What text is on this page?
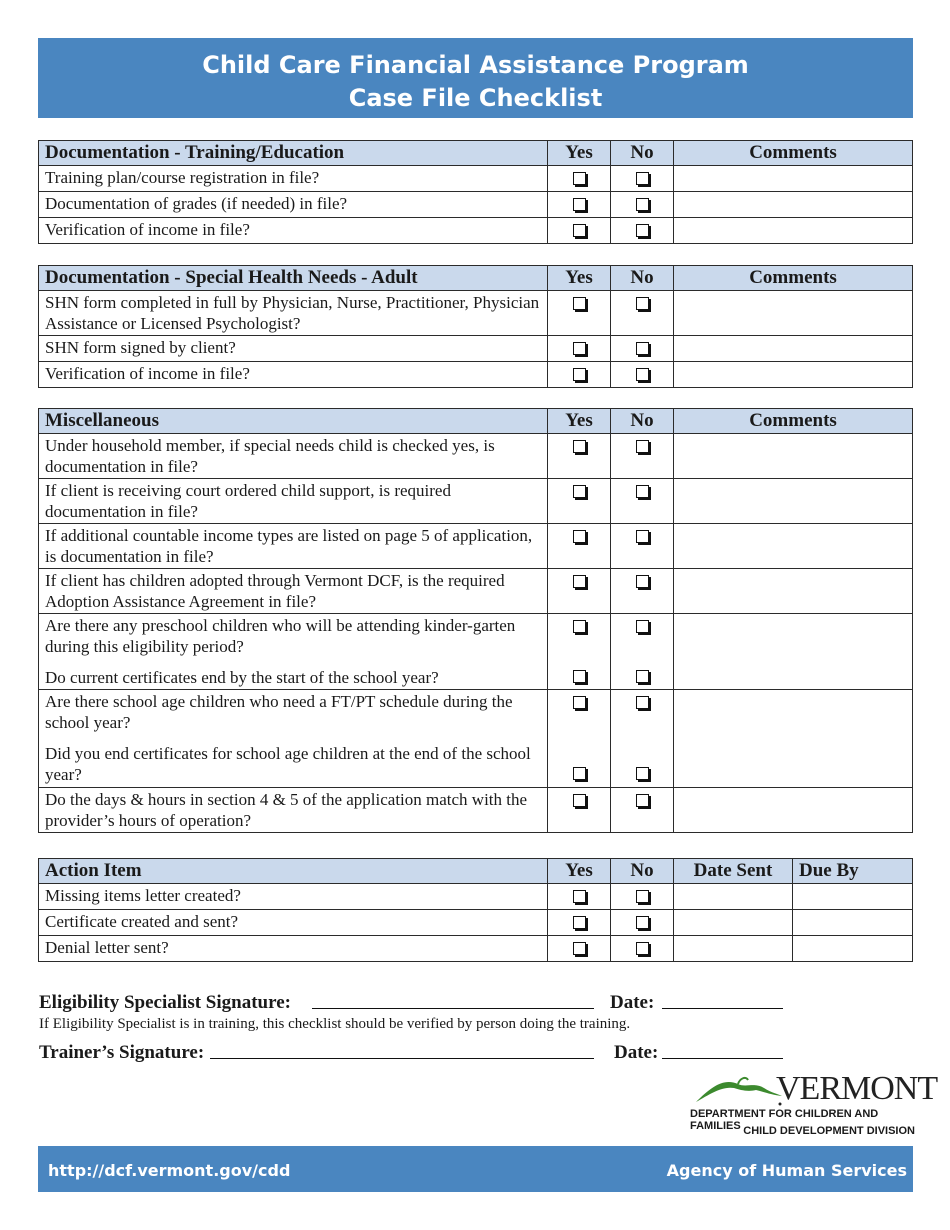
Child Care Financial Assistance Program
Case File Checklist
Documentation - Training/Education	Yes	No	Comments
Training plan/course registration in file?			
Documentation of grades (if needed) in file?			
Verification of income in file?			
Documentation - Special Health Needs - Adult	Yes	No	Comments
SHN form completed in full by Physician, Nurse, Practitioner, Physician Assistance or Licensed Psychologist?			
SHN form signed by client?			
Verification of income in file?			
Miscellaneous	Yes	No	Comments
Under household member, if special needs child is checked yes, is documentation in file?			
If client is receiving court ordered child support, is required documentation in file?			
If additional countable income types are listed on page 5 of application, is documentation in file?			
If client has children adopted through Vermont DCF, is the required Adoption Assistance Agreement in file?			

Are there any preschool children who will be attending kinder-garten during this eligibility period?
Do current certificates end by the start of the school year?			

Are there school age children who need a FT/PT schedule during the school year?
Did you end certificates for school age children at the end of the school year?			

Do the days & hours in section 4 & 5 of the application match with the provider’s hours of operation?			
Action Item	Yes	No	Date Sent	Due By
Missing items letter created?				
Certificate created and sent?				
Denial letter sent?				
Eligibility Specialist Signature:	Date:
If Eligibility Specialist is in training, this checklist should be verified by person doing the training.
Trainer’s Signature:	Date:
VERMONT
DEPARTMENT FOR CHILDREN AND FAMILIES CHILD DEVELOPMENT DIVISION
http://dcf.vermont.gov/cdd	Agency of Human Services
